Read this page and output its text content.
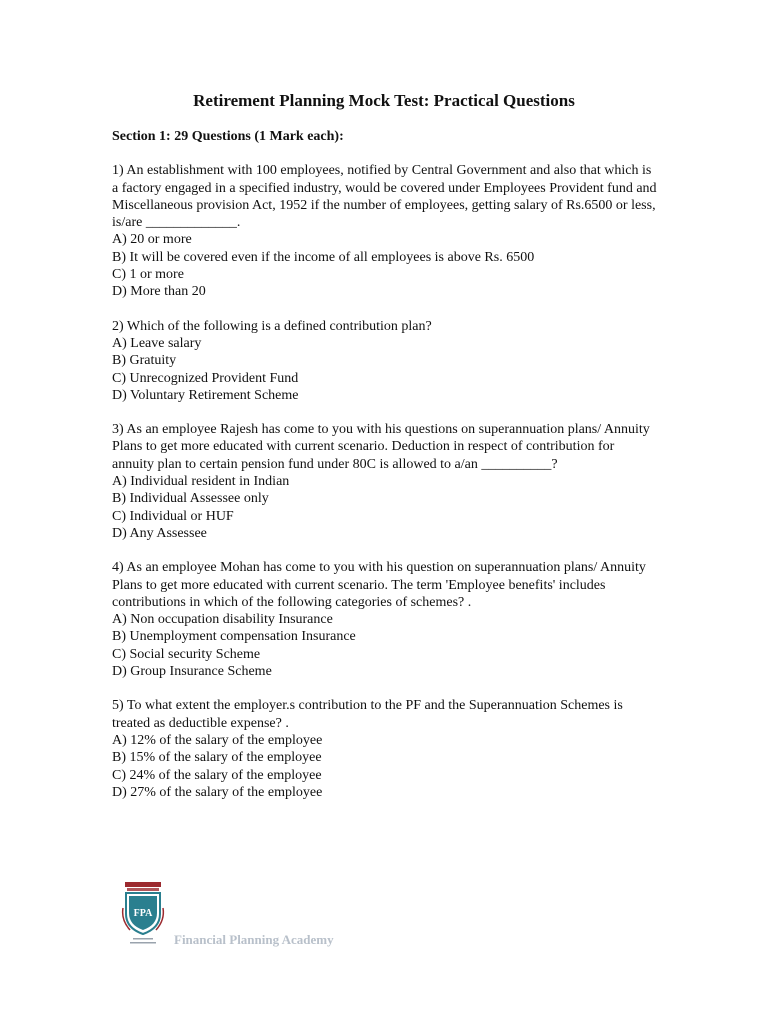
Retirement Planning Mock Test: Practical Questions

Section 1: 29 Questions (1 Mark each):

1) An establishment with 100 employees, notified by Central Government and also that which is a factory engaged in a specified industry, would be covered under Employees Provident fund and Miscellaneous provision Act, 1952 if the number of employees, getting salary of Rs.6500 or less, is/are _____________.

A) 20 or more
B) It will be covered even if the income of all employees is above Rs. 6500
C) 1 or more
D) More than 20

2) Which of the following is a defined contribution plan?

A) Leave salary
B) Gratuity
C) Unrecognized Provident Fund
D) Voluntary Retirement Scheme

3) As an employee Rajesh has come to you with his questions on superannuation plans/ Annuity Plans to get more educated with current scenario. Deduction in respect of contribution for annuity plan to certain pension fund under 80C is allowed to a/an __________?

A) Individual resident in Indian
B) Individual Assessee only
C) Individual or HUF
D) Any Assessee

4) As an employee Mohan has come to you with his question on superannuation plans/ Annuity Plans to get more educated with current scenario. The term 'Employee benefits' includes contributions in which of the following categories of schemes? .

A) Non occupation disability Insurance
B) Unemployment compensation Insurance
C) Social security Scheme
D) Group Insurance Scheme

5) To what extent the employer.s contribution to the PF and the Superannuation Schemes is treated as deductible expense? .

A) 12% of the salary of the employee
B) 15% of the salary of the employee
C) 24% of the salary of the employee
D) 27% of the salary of the employee
FPA
Financial Planning Academy
